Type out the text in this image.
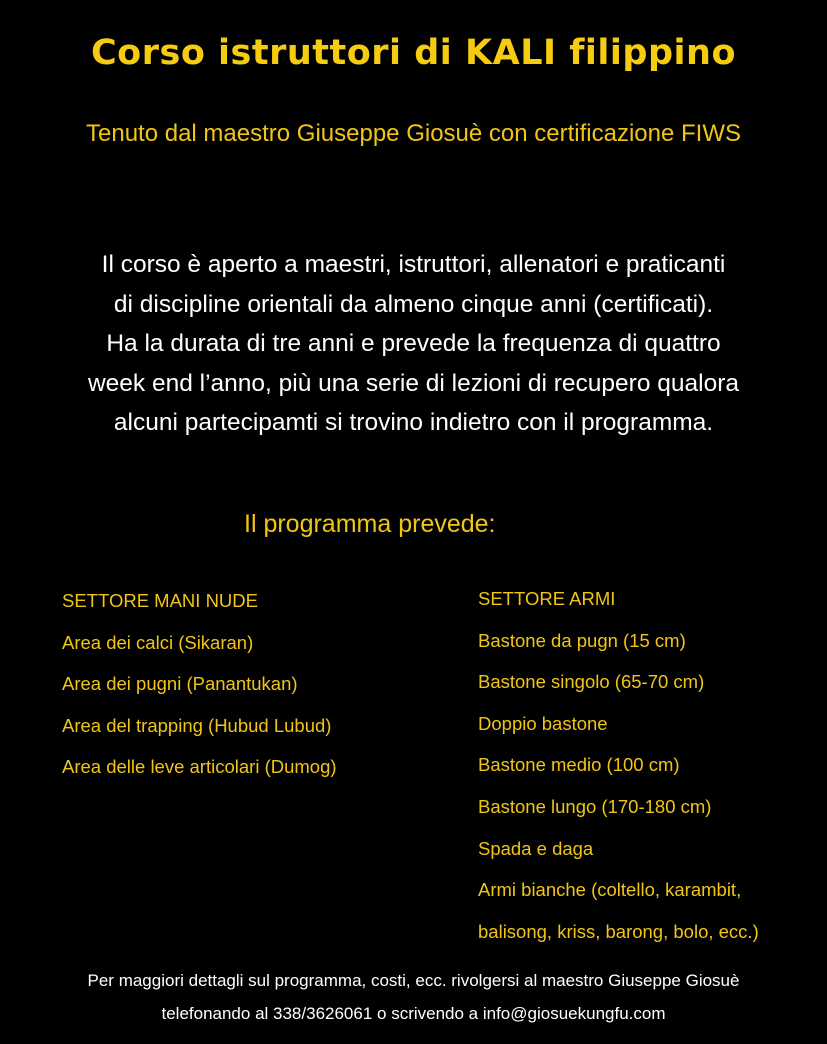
Corso istruttori di KALI filippino
Tenuto dal maestro Giuseppe Giosuè con certificazione FIWS
Il corso è aperto a maestri, istruttori, allenatori e praticanti
di discipline orientali da almeno cinque anni (certificati).
Ha la durata di tre anni e prevede la frequenza di quattro
week end l’anno, più una serie di lezioni di recupero qualora
alcuni partecipamti si trovino indietro con il programma.
Il programma prevede:
SETTORE MANI NUDE
Area dei calci (Sikaran)
Area dei pugni (Panantukan)
Area del trapping (Hubud Lubud)
Area delle leve articolari (Dumog)
SETTORE ARMI
Bastone da pugn (15 cm)
Bastone singolo (65-70 cm)
Doppio bastone
Bastone medio (100 cm)
Bastone lungo (170-180 cm)
Spada e daga
Armi bianche (coltello, karambit,
balisong, kriss, barong, bolo, ecc.)
Per maggiori dettagli sul programma, costi, ecc. rivolgersi al maestro Giuseppe Giosuè
telefonando al 338/3626061 o scrivendo a info@giosuekungfu.com
